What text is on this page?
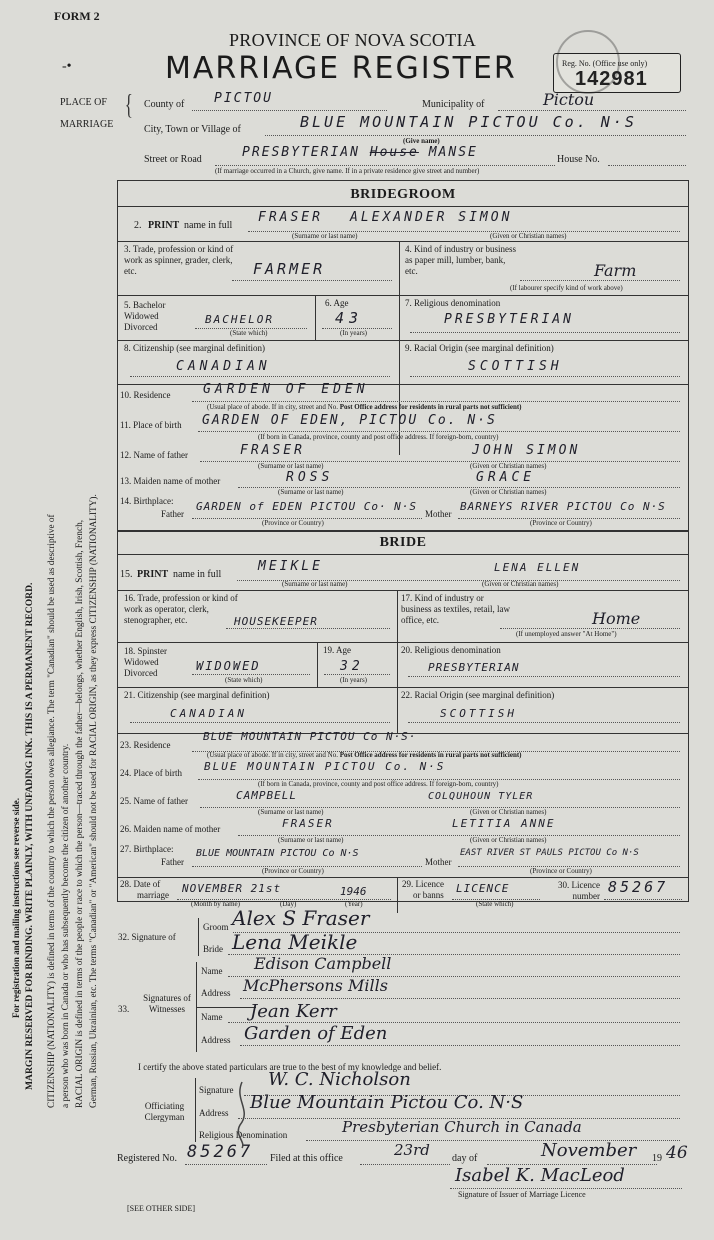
For registration and mailing instructions see reverse side. MARGIN RESERVED FOR BINDING. WRITE PLAINLY, WITH UNFADING INK. THIS IS A PERMANENT RECORD. CITIZENSHIP (NATIONALITY) is defined in terms of the country to which the person owes allegiance. The term "Canadian" should be used as descriptive of a person who was born in Canada or who has subsequently become the citizen of another country. RACIAL ORIGIN is defined in terms of the people or race to which the person—traced through the father—belongs, whether English, Irish, Scottish, French, German, Russian, Ukrainian, etc. The terms "Canadian" or "American" should not be used for RACIAL ORIGIN, as they express CITIZENSHIP (NATIONALITY).
FORM 2
-•
PROVINCE OF NOVA SCOTIA
MARRIAGE REGISTER	Reg. No. (Office use only)
142981
PLACE OF
MARRIAGE
{ County of PICTOU	Municipality of	Pictou
City, Town or Village of	BLUE MOUNTAIN PICTOU Co. N·S
(Give name)
Street or Road	PRESBYTERIAN House MANSE	House No.
(If marriage occurred in a Church, give name. If in a private residence give street and number)
BRIDEGROOM
2. PRINT name in full
FRASER ALEXANDER SIMON
(Surname or last name)	(Given or Christian names)
3. Trade, profession or kind of work as spinner, grader, clerk, etc.	FARMER
4. Kind of industry or business as paper mill, lumber, bank, etc.	Farm
(If labourer specify kind of work above)
5. Bachelor Widowed Divorced
BACHELOR
(State which)
6. Age
43
(In years)
7. Religious denomination
PRESBYTERIAN
8. Citizenship (see marginal definition)
CANADIAN
9. Racial Origin (see marginal definition)
SCOTTISH
10. Residence	GARDEN OF EDEN
(Usual place of abode. If in city, street and No. Post Office address for residents in rural parts not sufficient)
11. Place of birth GARDEN OF EDEN, PICTOU Co. N·S
(If born in Canada, province, county and post office address. If foreign-born, country)
12. Name of father	FRASER	JOHN SIMON
(Surname or last name)	(Given or Christian names)
13. Maiden name of mother	ROSS	GRACE
(Surname or last name)	(Given or Christian names)
14. Birthplace:
Father
GARDEN of EDEN PICTOU Co· N·S
Mother
BARNEYS RIVER PICTOU Co N·S
(Province or Country)	(Province or Country)
BRIDE
15. PRINT name in full
MEIKLE	LENA ELLEN
(Surname or last name)	(Given or Christian names)
16. Trade, profession or kind of work as operator, clerk, stenographer, etc.	HOUSEKEEPER
17. Kind of industry or business as textiles, retail, law office, etc.	Home
(If unemployed answer "At Home")
18. Spinster Widowed Divorced	WIDOWED
(State which)
19. Age
32
(In years)
20. Religious denomination
PRESBYTERIAN
21. Citizenship (see marginal definition)
CANADIAN
22. Racial Origin (see marginal definition)
SCOTTISH
23. Residence
BLUE MOUNTAIN PICTOU Co N·S·
(Usual place of abode. If in city, street and No. Post Office address for residents in rural parts not sufficient)
24. Place of birth BLUE MOUNTAIN PICTOU Co. N·S
(If born in Canada, province, county and post office address. If foreign-born, country)
25. Name of father	CAMPBELL	COLQUHOUN TYLER
(Surname or last name)	(Given or Christian names)
26. Maiden name of mother	FRASER	LETITIA ANNE
(Surname or last name)	(Given or Christian names)
27. Birthplace:
Father
BLUE MOUNTAIN PICTOU Co N·S
Mother
EAST RIVER ST PAULS PICTOU Co N·S
(Province or Country)	(Province or Country)
28. Date of
marriage NOVEMBER 21st	1946
(Month by name)	(Day)	(Year)
29. Licence
or banns LICENCE
(State which)
30. Licence number
85267
32. Signature of
Groom Alex S Fraser
Bride Lena Meikle
Signatures of Witnesses
33.
Name Edison Campbell
Address McPhersons Mills
Name Jean Kerr
Address Garden of Eden
I certify the above stated particulars are true to the best of my knowledge and belief.
Officiating Clergyman
Signature W. C. Nicholson
Address Blue Mountain Pictou Co. N·S
Religious Denomination	Presbyterian Church in Canada
Registered No. 85267 Filed at this office	23rd day of	November 19 46
Isabel K. MacLeod
Signature of Issuer of Marriage Licence
[SEE OTHER SIDE]
